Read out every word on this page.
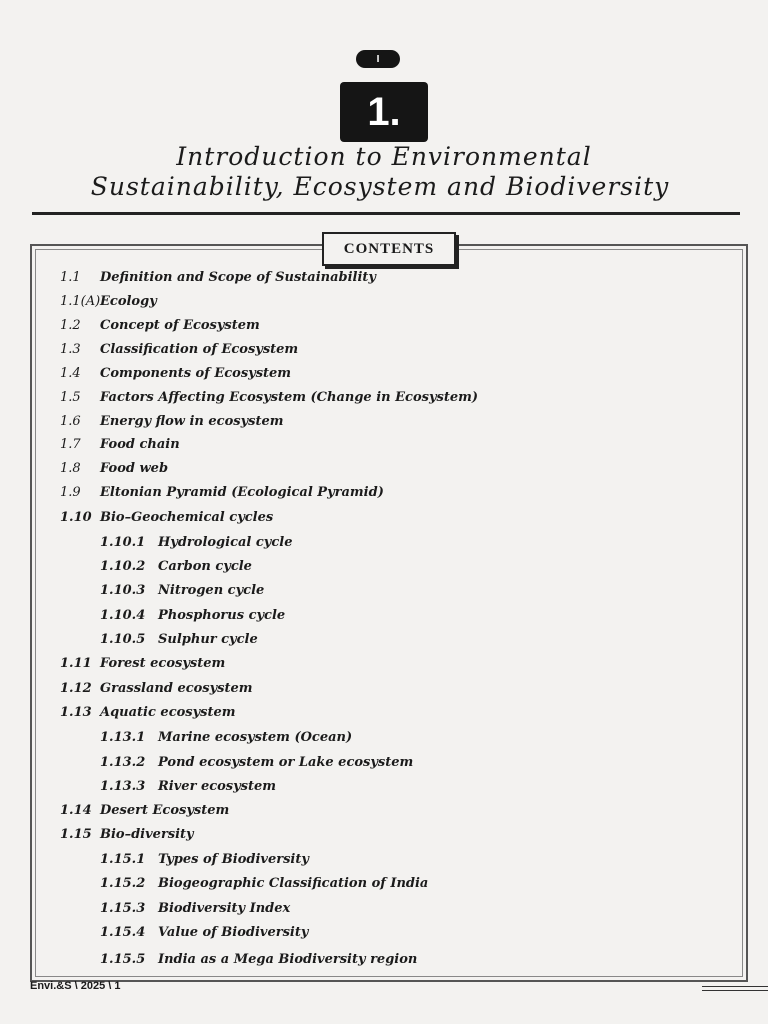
I
1.
Introduction to Environmental
Sustainability, Ecosystem and Biodiversity
CONTENTS
1.1 Definition and Scope of Sustainability
1.1(A) Ecology
1.2 Concept of Ecosystem
1.3 Classification of Ecosystem
1.4 Components of Ecosystem
1.5 Factors Affecting Ecosystem (Change in Ecosystem)
1.6 Energy flow in ecosystem
1.7 Food chain
1.8 Food web
1.9 Eltonian Pyramid (Ecological Pyramid)
1.10 Bio–Geochemical cycles
1.10.1 Hydrological cycle
1.10.2 Carbon cycle
1.10.3 Nitrogen cycle
1.10.4 Phosphorus cycle
1.10.5 Sulphur cycle
1.11 Forest ecosystem
1.12 Grassland ecosystem
1.13 Aquatic ecosystem
1.13.1 Marine ecosystem (Ocean)
1.13.2 Pond ecosystem or Lake ecosystem
1.13.3 River ecosystem
1.14 Desert Ecosystem
1.15 Bio–diversity
1.15.1 Types of Biodiversity
1.15.2 Biogeographic Classification of India
1.15.3 Biodiversity Index
1.15.4 Value of Biodiversity
1.15.5 India as a Mega Biodiversity region
Envi.&S \ 2025 \ 1
